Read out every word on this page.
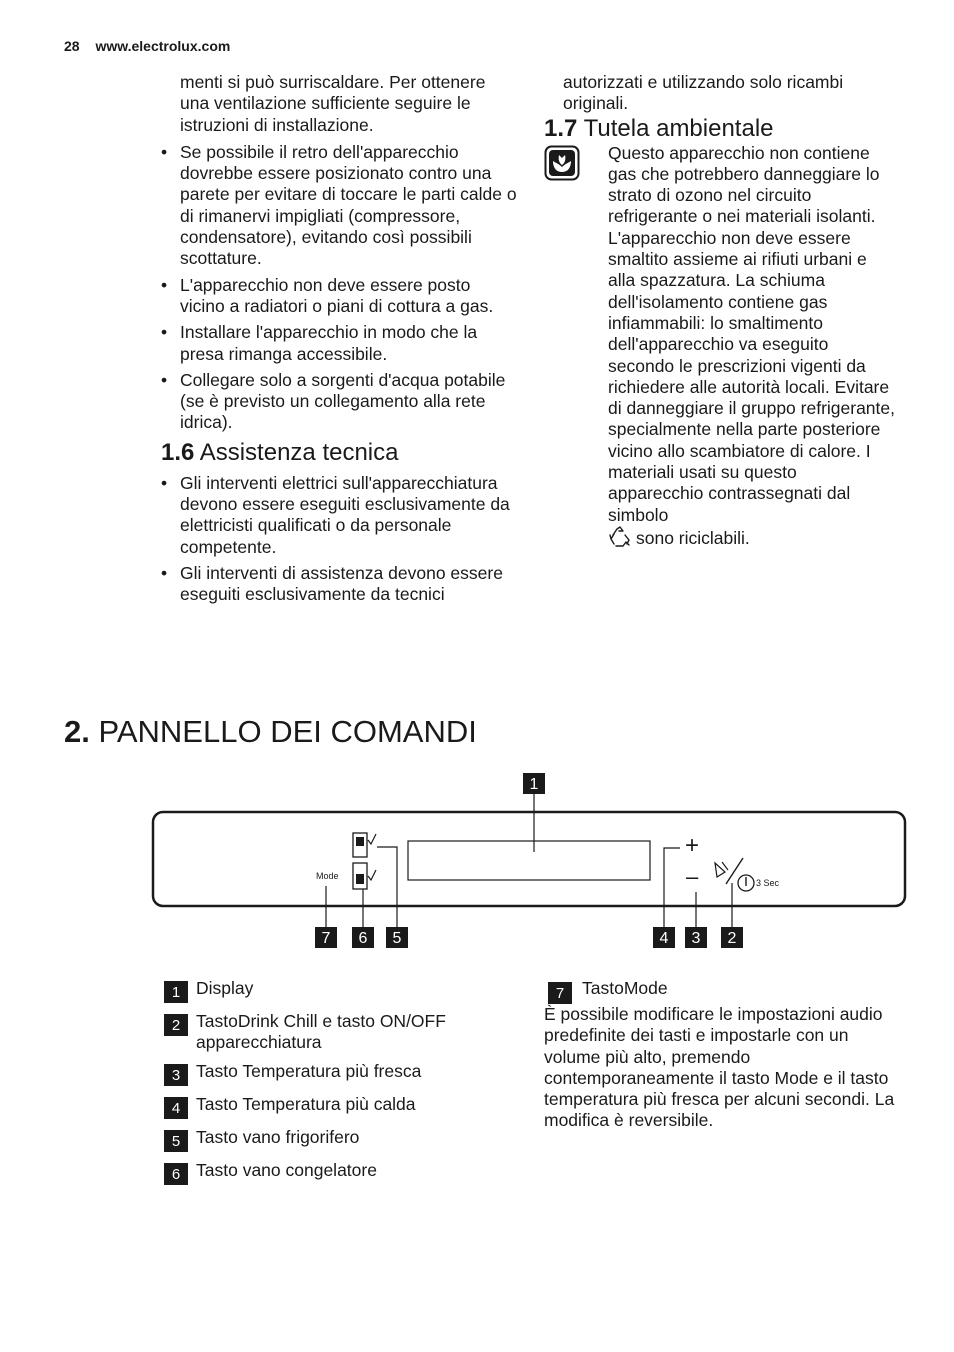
28 www.electrolux.com

menti si può surriscaldare. Per ottenere una ventilazione sufficiente seguire le istruzioni di installazione.

• Se possibile il retro dell'apparecchio dovrebbe essere posizionato contro una parete per evitare di toccare le parti calde o di rimanervi impigliati (compressore, condensatore), evitando così possibili scottature.
• L'apparecchio non deve essere posto vicino a radiatori o piani di cottura a gas.
• Installare l'apparecchio in modo che la presa rimanga accessibile.
• Collegare solo a sorgenti d'acqua potabile (se è previsto un collegamento alla rete idrica).
1.6 Assistenza tecnica
• Gli interventi elettrici sull'apparecchiatura devono essere eseguiti esclusivamente da elettricisti qualificati o da personale competente.
• Gli interventi di assistenza devono essere eseguiti esclusivamente da tecnici

autorizzati e utilizzando solo ricambi originali.

1.7 Tutela ambientale
Questo apparecchio non contiene gas che potrebbero danneggiare lo strato di ozono nel circuito refrigerante o nei materiali isolanti. L'apparecchio non deve essere smaltito assieme ai rifiuti urbani e alla spazzatura. La schiuma dell'isolamento contiene gas infiammabili: lo smaltimento dell'apparecchio va eseguito secondo le prescrizioni vigenti da richiedere alle autorità locali. Evitare di danneggiare il gruppo refrigerante, specialmente nella parte posteriore vicino allo scambiatore di calore. I materiali usati su questo apparecchio contrassegnati dal simbolo
sono riciclabili.
2. PANNELLO DEI COMANDI
Mode
+
–	3 Sec
1
7 6 5	4 3 2
1 Display
2 TastoDrink Chill e tasto ON/OFF apparecchiatura
3 Tasto Temperatura più fresca
4 Tasto Temperatura più calda
5 Tasto vano frigorifero
6 Tasto vano congelatore
7	TastoMode

È possibile modificare le impostazioni audio predefinite dei tasti e impostarle con un volume più alto, premendo contemporaneamente il tasto Mode e il tasto temperatura più fresca per alcuni secondi. La modifica è reversibile.
